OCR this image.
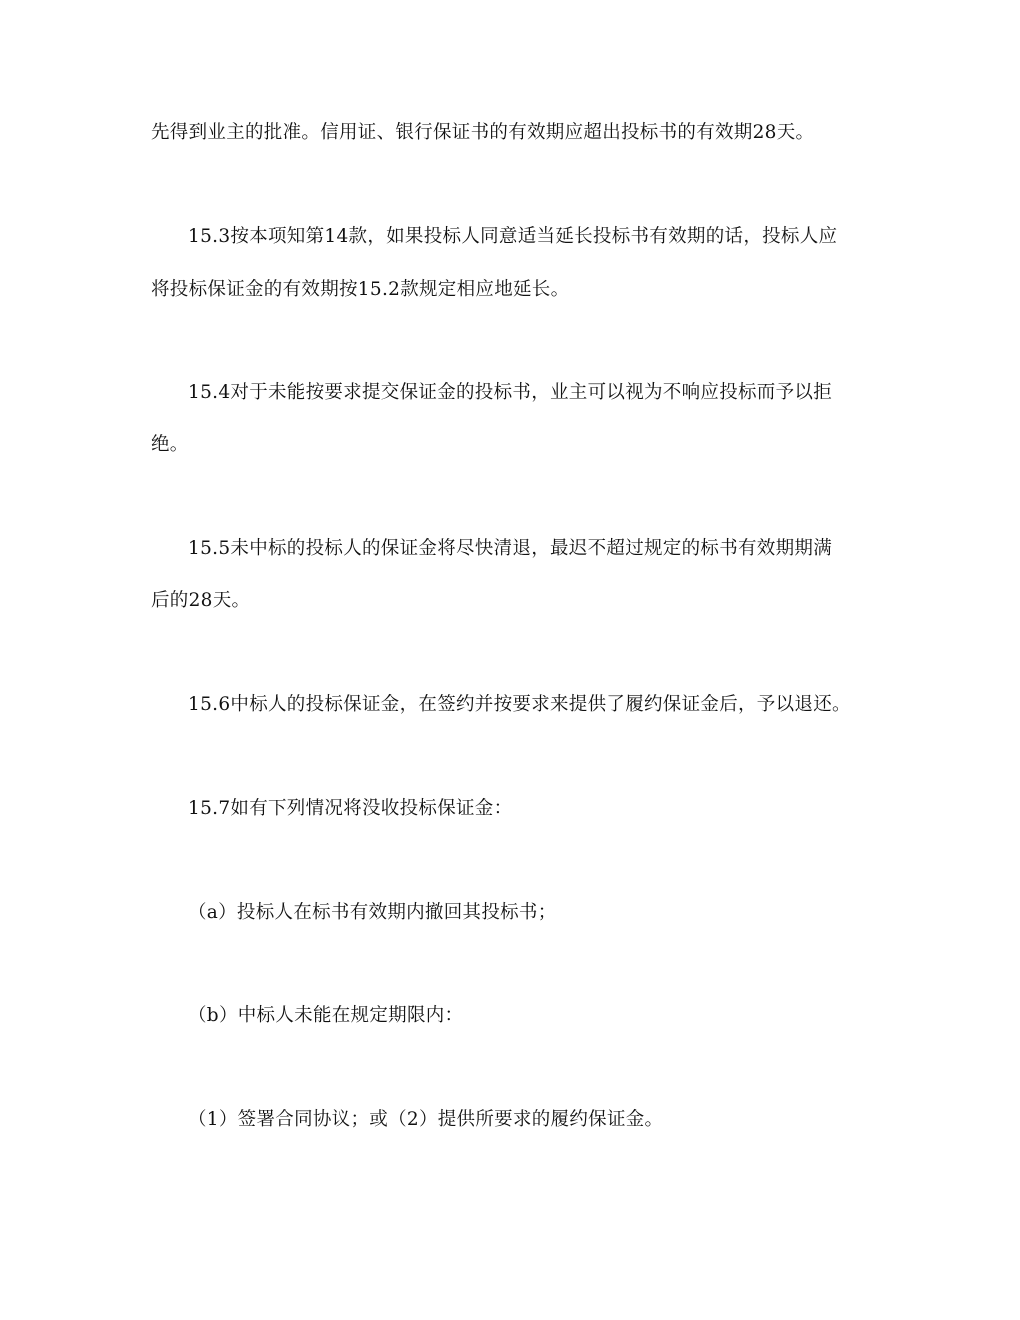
先得到业主的批准。信用证、银行保证书的有效期应超出投标书的有效期28天。
15.3按本项知第14款，如果投标人同意适当延长投标书有效期的话，投标人应
将投标保证金的有效期按15.2款规定相应地延长。
15.4对于未能按要求提交保证金的投标书，业主可以视为不响应投标而予以拒
绝。
15.5未中标的投标人的保证金将尽快清退，最迟不超过规定的标书有效期期满
后的28天。
15.6中标人的投标保证金，在签约并按要求来提供了履约保证金后，予以退还。
15.7如有下列情况将没收投标保证金：
（a）投标人在标书有效期内撤回其投标书；
（b）中标人未能在规定期限内：
（1）签署合同协议；或（2）提供所要求的履约保证金。
